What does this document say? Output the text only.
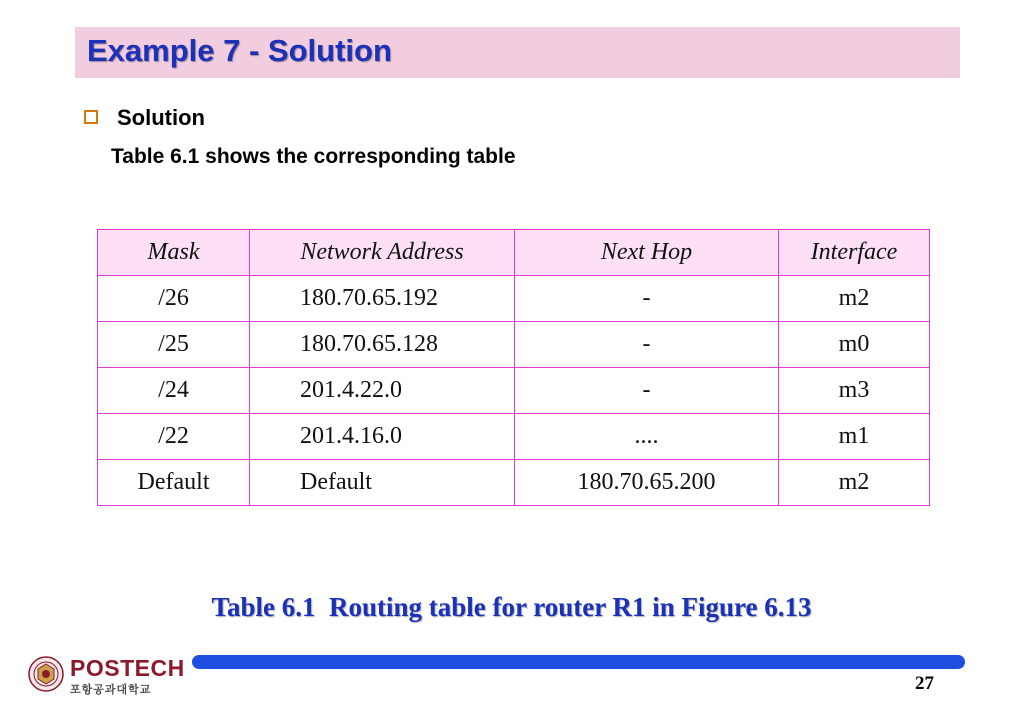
Example 7 - Solution
Solution
Table 6.1 shows the corresponding table
Mask	Network Address	Next Hop	Interface
/26	180.70.65.192	-	m2
/25	180.70.65.128	-	m0
/24	201.4.22.0	-	m3
/22	201.4.16.0	....	m1
Default	Default	180.70.65.200	m2
Table 6.1  Routing table for router R1 in Figure 6.13
POSTECH
포항공과대학교	27
